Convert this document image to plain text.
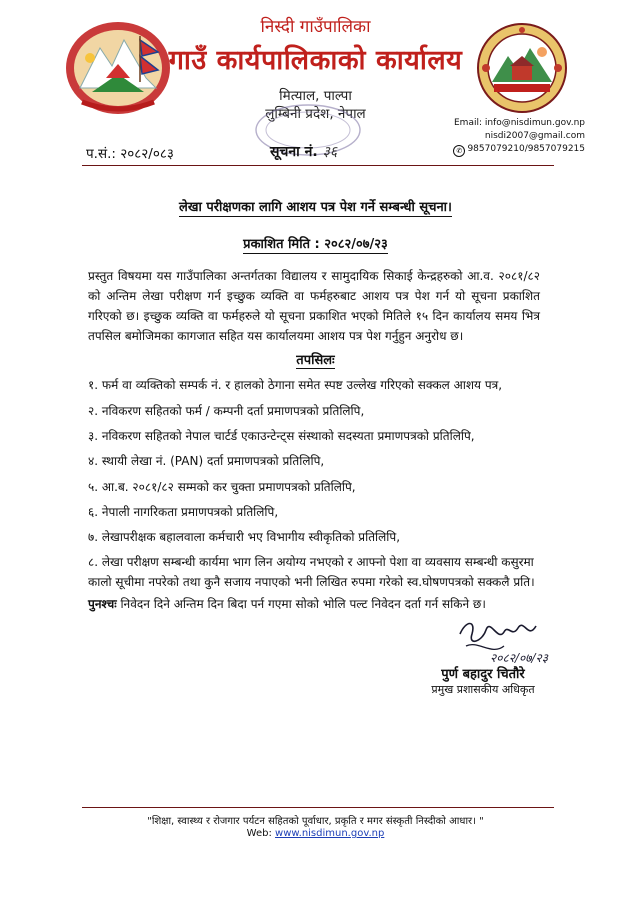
निस्दी गाउँपालिका
गाउँ कार्यपालिकाको कार्यालय
मित्याल, पाल्पा
लुम्बिनी प्रदेश, नेपाल
Email: info@nisdimun.gov.np
nisdi2007@gmail.com
✆ 9857079210/9857079215
प.सं.: २०८२/०८३	सूचना नं. ३६
लेखा परीक्षणका लागि आशय पत्र पेश गर्ने सम्बन्धी सूचना।
प्रकाशित मिति : २०८२/०७/२३
प्रस्तुत विषयमा यस गाउँपालिका अन्तर्गतका विद्यालय र सामुदायिक सिकाई केन्द्रहरुको आ.व. २०८१/८२ को अन्तिम लेखा परीक्षण गर्न इच्छुक व्यक्ति वा फर्महरुबाट आशय पत्र पेश गर्न यो सूचना प्रकाशित गरिएको छ। इच्छुक व्यक्ति वा फर्महरुले यो सूचना प्रकाशित भएको मितिले १५ दिन कार्यालय समय भित्र तपसिल बमोजिमका कागजात सहित यस कार्यालयमा आशय पत्र पेश गर्नुहुन अनुरोध छ।
तपसिलः
१. फर्म वा व्यक्तिको सम्पर्क नं. र हालको ठेगाना समेत स्पष्ट उल्लेख गरिएको सक्कल आशय पत्र,
२. नविकरण सहितको फर्म / कम्पनी दर्ता प्रमाणपत्रको प्रतिलिपि,
३. नविकरण सहितको नेपाल चार्टर्ड एकाउन्टेन्ट्स संस्थाको सदस्यता प्रमाणपत्रको प्रतिलिपि,
४. स्थायी लेखा नं. (PAN) दर्ता प्रमाणपत्रको प्रतिलिपि,
५. आ.ब. २०८१/८२ सम्मको कर चुक्ता प्रमाणपत्रको प्रतिलिपि,
६. नेपाली नागरिकता प्रमाणपत्रको प्रतिलिपि,
७. लेखापरीक्षक बहालवाला कर्मचारी भए विभागीय स्वीकृतिको प्रतिलिपि,
८. लेखा परीक्षण सम्बन्धी कार्यमा भाग लिन अयोग्य नभएको र आफ्नो पेशा वा व्यवसाय सम्बन्धी कसुरमा
कालो सूचीमा नपरेको तथा कुनै सजाय नपाएको भनी लिखित रुपमा गरेको स्व.घोषणपत्रको सक्कलै प्रति।
पुनश्चः निवेदन दिने अन्तिम दिन बिदा पर्न गएमा सोको भोलि पल्ट निवेदन दर्ता गर्न सकिने छ।
२०८२/०७/२३
पुर्ण बहादुर चितौरे
प्रमुख प्रशासकीय अधिकृत
"शिक्षा, स्वास्थ्य र रोजगार पर्यटन सहितको पूर्वाधार, प्रकृति र मगर संस्कृती निस्दीको आधार। "
Web: www.nisdimun.gov.np
